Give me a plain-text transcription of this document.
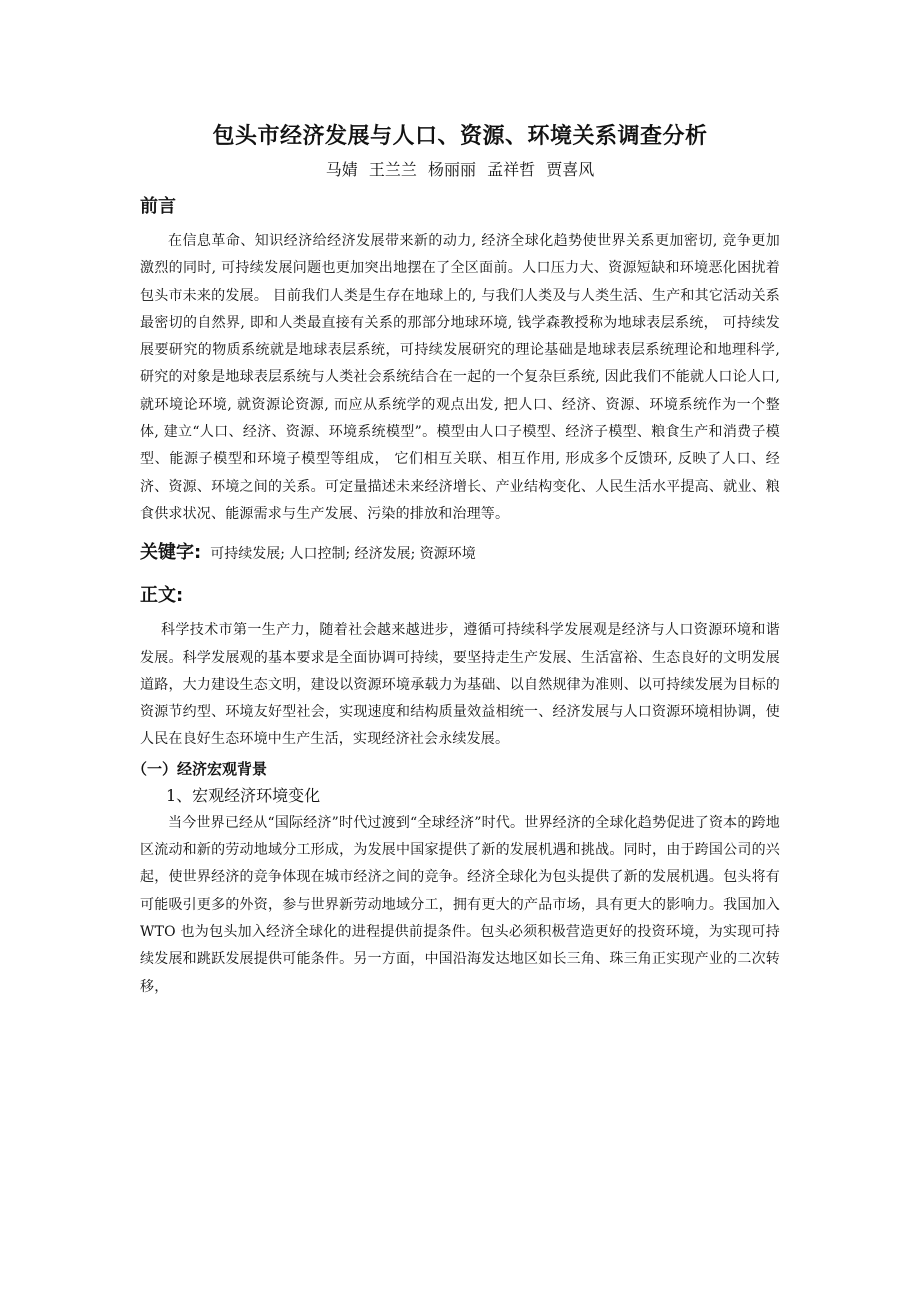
包头市经济发展与人口、资源、环境关系调查分析
马婧 王兰兰 杨丽丽 孟祥哲 贾喜风
前言

在信息革命、知识经济给经济发展带来新的动力, 经济全球化趋势使世界关系更加密切, 竞争更加激烈的同时, 可持续发展问题也更加突出地摆在了全区面前。人口压力大、资源短缺和环境恶化困扰着包头市未来的发展。 目前我们人类是生存在地球上的, 与我们人类及与人类生活、生产和其它活动关系最密切的自然界, 即和人类最直接有关系的那部分地球环境, 钱学森教授称为地球表层系统， 可持续发展要研究的物质系统就是地球表层系统，可持续发展研究的理论基础是地球表层系统理论和地理科学, 研究的对象是地球表层系统与人类社会系统结合在一起的一个复杂巨系统, 因此我们不能就人口论人口, 就环境论环境, 就资源论资源, 而应从系统学的观点出发, 把人口、经济、资源、环境系统作为一个整体, 建立“人口、经济、资源、环境系统模型”。模型由人口子模型、经济子模型、粮食生产和消费子模型、能源子模型和环境子模型等组成， 它们相互关联、相互作用, 形成多个反馈环, 反映了人口、经济、资源、环境之间的关系。可定量描述未来经济增长、产业结构变化、人民生活水平提高、就业、粮食供求状况、能源需求与生产发展、污染的排放和治理等。

关键字: 可持续发展; 人口控制; 经济发展; 资源环境
正文:

科学技术市第一生产力，随着社会越来越进步，遵循可持续科学发展观是经济与人口资源环境和谐发展。科学发展观的基本要求是全面协调可持续，要坚持走生产发展、生活富裕、生态良好的文明发展道路，大力建设生态文明，建设以资源环境承载力为基础、以自然规律为准则、以可持续发展为目标的资源节约型、环境友好型社会，实现速度和结构质量效益相统一、经济发展与人口资源环境相协调，使人民在良好生态环境中生产生活，实现经济社会永续发展。

（一）经济宏观背景
1、宏观经济环境变化

当今世界已经从“国际经济”时代过渡到“全球经济”时代。世界经济的全球化趋势促进了资本的跨地区流动和新的劳动地域分工形成，为发展中国家提供了新的发展机遇和挑战。同时，由于跨国公司的兴起，使世界经济的竞争体现在城市经济之间的竞争。经济全球化为包头提供了新的发展机遇。包头将有可能吸引更多的外资，参与世界新劳动地域分工，拥有更大的产品市场，具有更大的影响力。我国加入 WTO 也为包头加入经济全球化的进程提供前提条件。包头必须积极营造更好的投资环境，为实现可持续发展和跳跃发展提供可能条件。另一方面，中国沿海发达地区如长三角、珠三角正实现产业的二次转移，
